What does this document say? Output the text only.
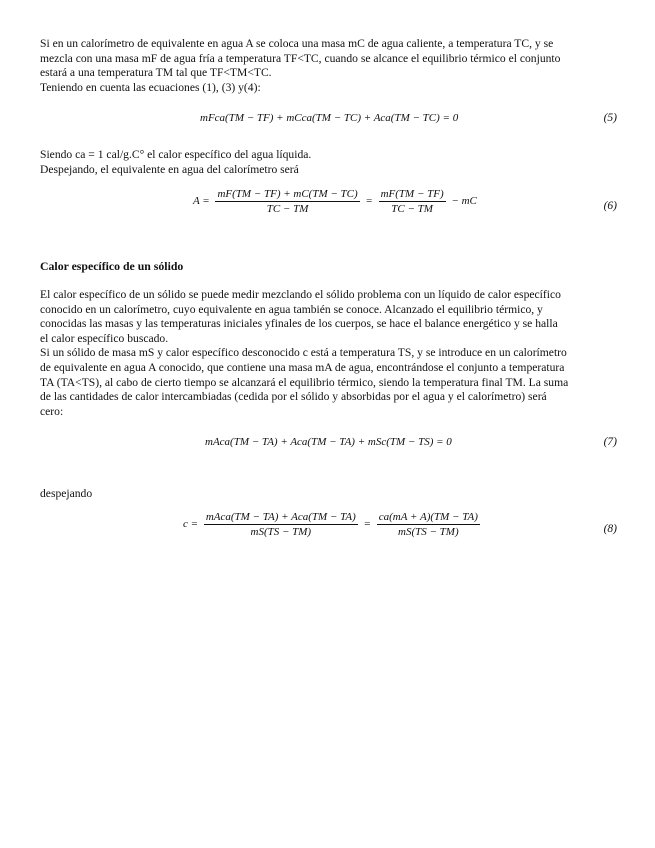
Si en un calorímetro de equivalente en agua A se coloca una masa mC de agua caliente, a temperatura TC, y se

mezcla con una masa mF de agua fría a temperatura TF<TC, cuando se alcance el equilibrio térmico el conjunto

estará a una temperatura TM tal que TF<TM<TC.

Teniendo en cuenta las ecuaciones (1), (3) y(4):

mFca(TM − TF) + mCca(TM − TC) + Aca(TM − TC) = 0	(5)

Siendo ca = 1 cal/g.C° el calor específico del agua líquida.

Despejando, el equivalente en agua del calorímetro será

$A = \frac{mF(TM - TF) + mC(TM - TC)}{TC - TM} = \frac{mF(TM - TF)}{TC - TM}$ − mC	(6)
Calor específico de un sólido

El calor específico de un sólido se puede medir mezclando el sólido problema con un líquido de calor específico

conocido en un calorímetro, cuyo equivalente en agua también se conoce. Alcanzado el equilibrio térmico, y

conocidas las masas y las temperaturas iniciales yfinales de los cuerpos, se hace el balance energético y se halla

el calor específico buscado.

Si un sólido de masa mS y calor específico desconocido c está a temperatura TS, y se introduce en un calorímetro

de equivalente en agua A conocido, que contiene una masa mA de agua, encontrándose el conjunto a temperatura

TA (TA<TS), al cabo de cierto tiempo se alcanzará el equilibrio térmico, siendo la temperatura final TM. La suma

de las cantidades de calor intercambiadas (cedida por el sólido y absorbidas por el agua y el calorímetro) será

cero:

mAca(TM − TA) + Aca(TM − TA) + mSc(TM − TS) = 0	(7)
despejando
$c = \frac{\text{mAca(TM − TA) + Aca(TM − TA)}}{mS(TS - TM)} = \frac{ca(mA + A)(TM - TA)}{mS(TS - TM)}$	(8)
